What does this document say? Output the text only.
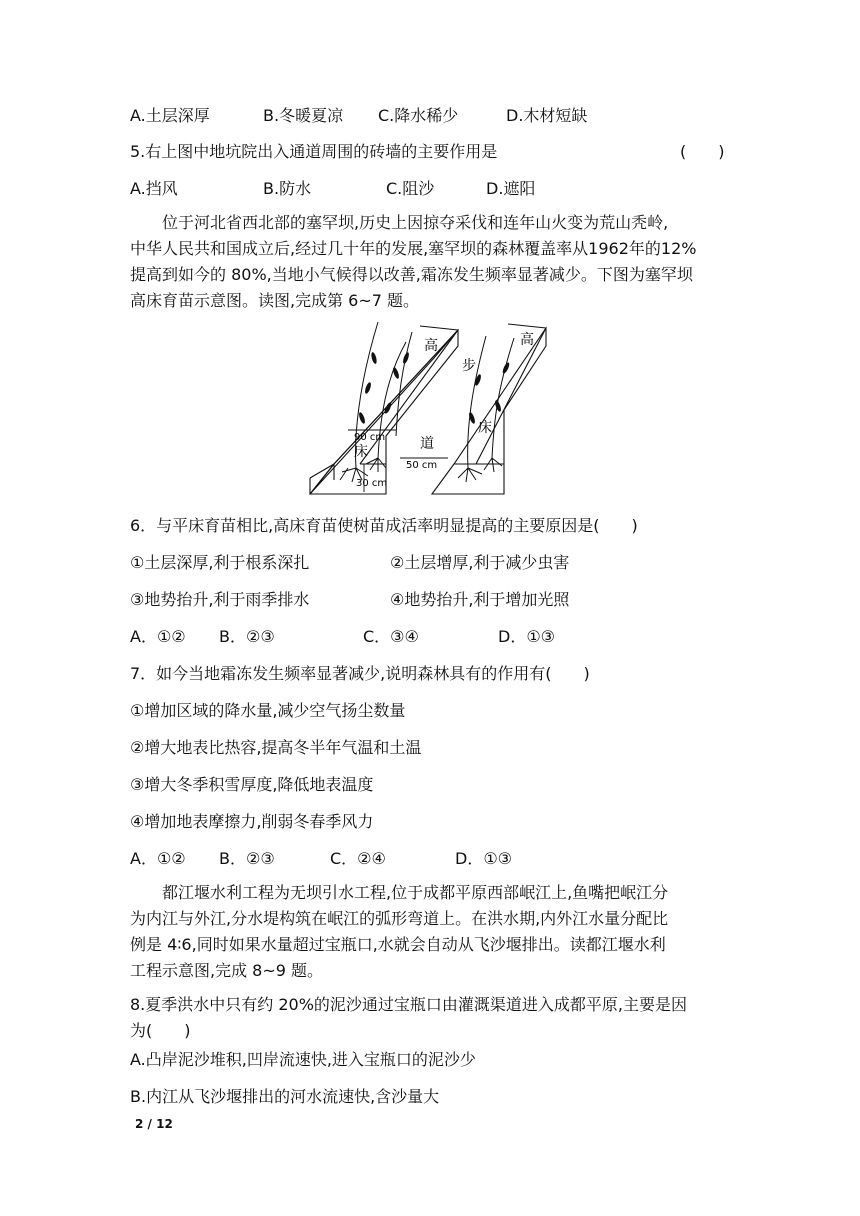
A.土层深厚	B.冬暖夏凉 C.降水稀少	D.木材短缺
5.右上图中地坑院出入通道周围的砖墙的主要作用是	(　　)
A.挡风	B.防水	C.阻沙	D.遮阳
　　位于河北省西北部的塞罕坝,历史上因掠夺采伐和连年山火变为荒山秃岭,
中华人民共和国成立后,经过几十年的发展,塞罕坝的森林覆盖率从1962年的12%
提高到如今的 80%,当地小气候得以改善,霜冻发生频率显著减少。下图为塞罕坝
高床育苗示意图。读图,完成第 6~7 题。
高	高
步
道
床
床
90 cm
50 cm
30 cm
6．与平床育苗相比,高床育苗使树苗成活率明显提高的主要原因是(　　)
①土层深厚,利于根系深扎	②土层增厚,利于减少虫害
③地势抬升,利于雨季排水	④地势抬升,利于增加光照
A．①② B．②③	C．③④	D．①③
7．如今当地霜冻发生频率显著减少,说明森林具有的作用有(　　)
①增加区域的降水量,减少空气扬尘数量
②增大地表比热容,提高冬半年气温和土温
③增大冬季积雪厚度,降低地表温度
④增加地表摩擦力,削弱冬春季风力
A．①② B．②③	C．②④	D．①③
　　都江堰水利工程为无坝引水工程,位于成都平原西部岷江上,鱼嘴把岷江分
为内江与外江,分水堤构筑在岷江的弧形弯道上。在洪水期,内外江水量分配比
例是 4∶6,同时如果水量超过宝瓶口,水就会自动从飞沙堰排出。读都江堰水利
工程示意图,完成 8~9 题。
8.夏季洪水中只有约 20%的泥沙通过宝瓶口由灌溉渠道进入成都平原,主要是因
为(　　)
A.凸岸泥沙堆积,凹岸流速快,进入宝瓶口的泥沙少
B.内江从飞沙堰排出的河水流速快,含沙量大
2 / 12
